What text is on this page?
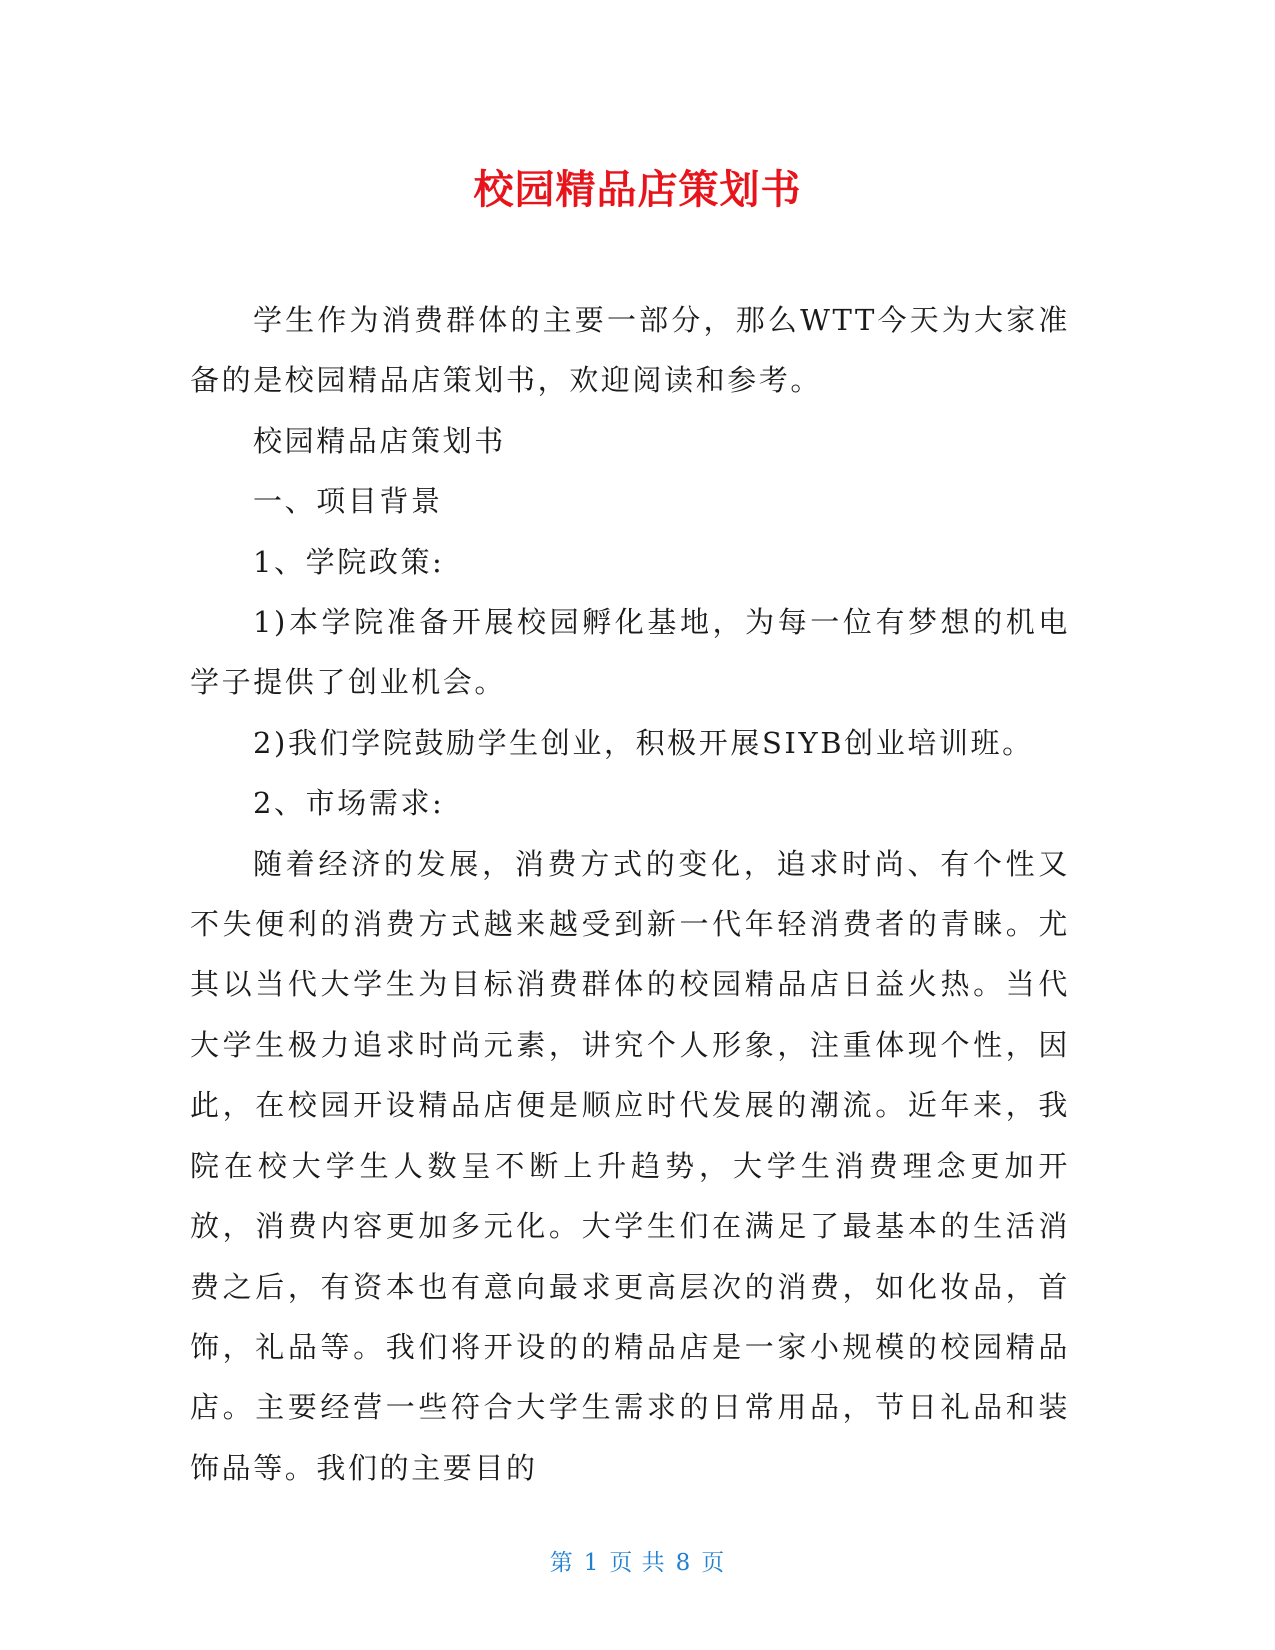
校园精品店策划书

学生作为消费群体的主要一部分，那么WTT今天为大家准备的是校园精品店策划书，欢迎阅读和参考。

校园精品店策划书

一、项目背景

1、学院政策:

1)本学院准备开展校园孵化基地，为每一位有梦想的机电学子提供了创业机会。

2)我们学院鼓励学生创业，积极开展SIYB创业培训班。

2、市场需求:

随着经济的发展，消费方式的变化，追求时尚、有个性又不失便利的消费方式越来越受到新一代年轻消费者的青睐。尤其以当代大学生为目标消费群体的校园精品店日益火热。当代大学生极力追求时尚元素，讲究个人形象，注重体现个性，因此，在校园开设精品店便是顺应时代发展的潮流。近年来，我院在校大学生人数呈不断上升趋势，大学生消费理念更加开放，消费内容更加多元化。大学生们在满足了最基本的生活消费之后，有资本也有意向最求更高层次的消费，如化妆品，首饰，礼品等。我们将开设的的精品店是一家小规模的校园精品店。主要经营一些符合大学生需求的日常用品，节日礼品和装饰品等。我们的主要目的

第 1 页 共 8 页
